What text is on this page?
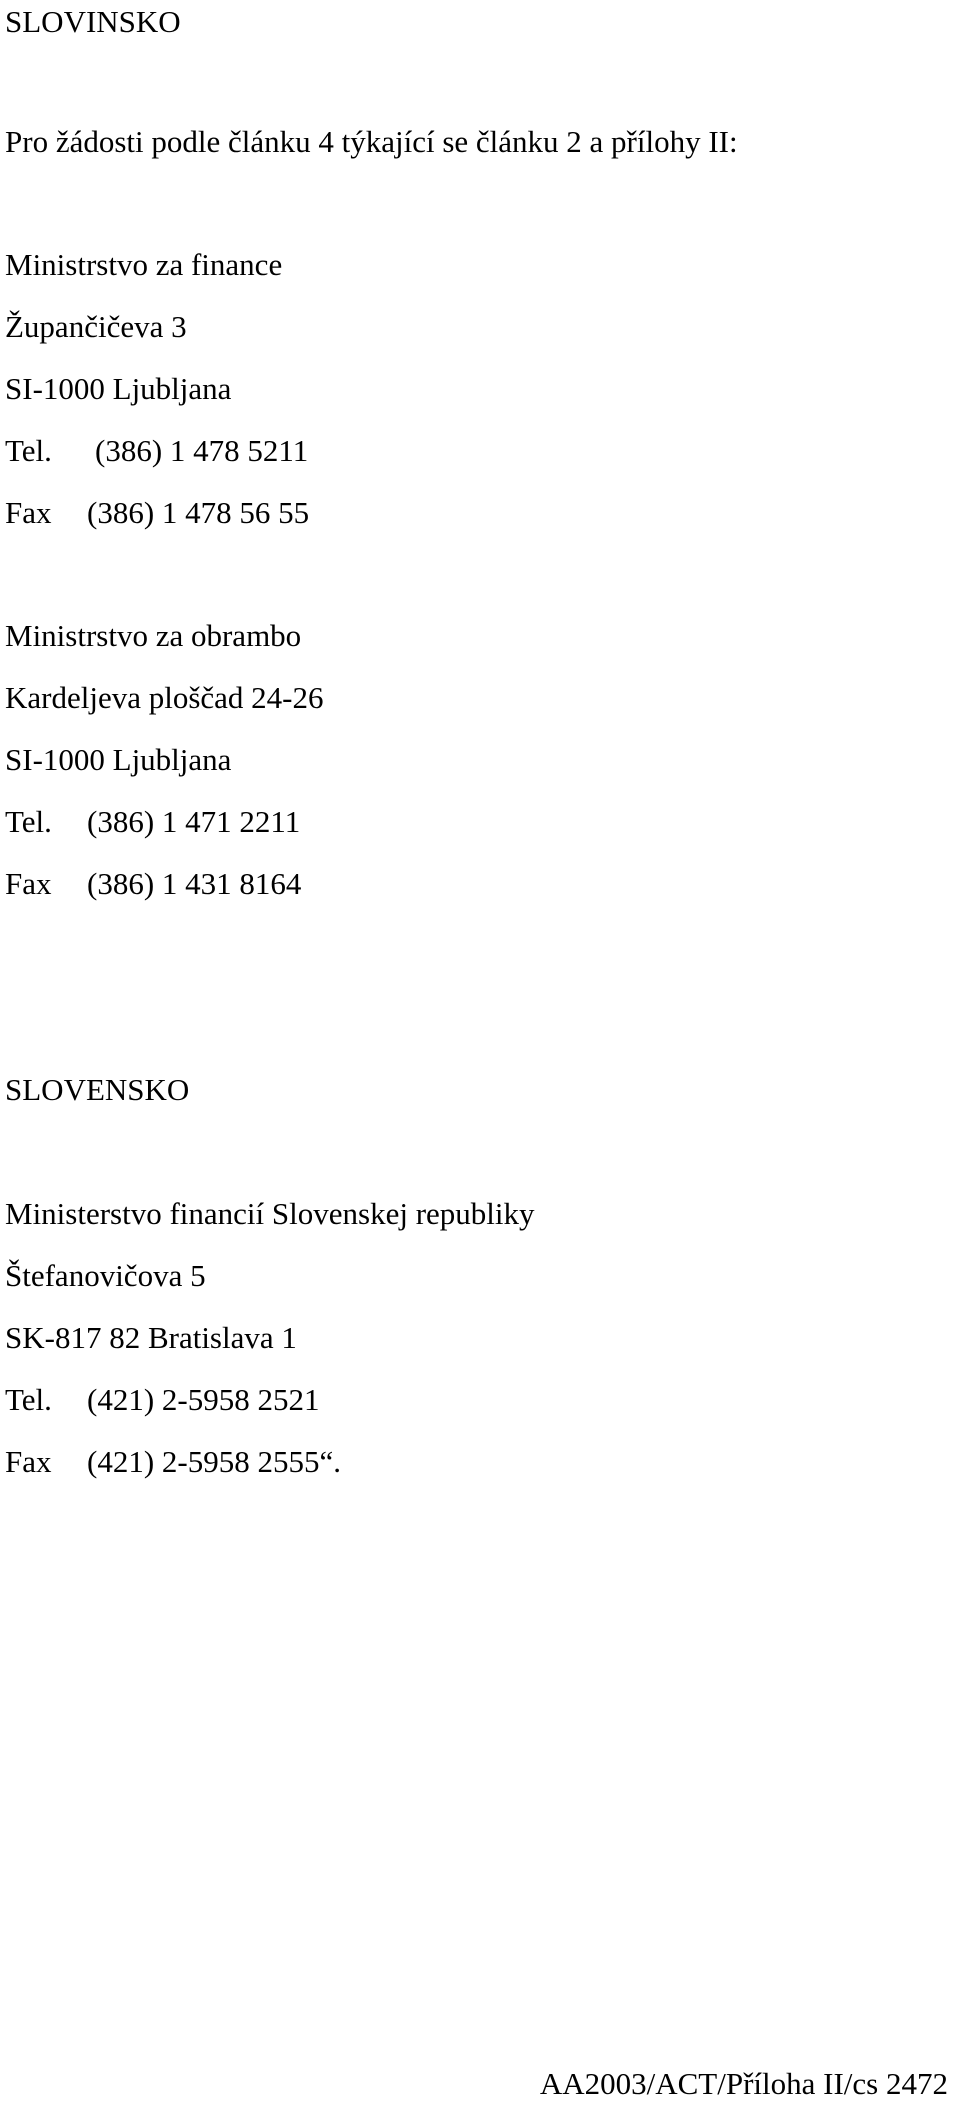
SLOVINSKO

Pro žádosti podle článku 4 týkající se článku 2 a přílohy II:

Ministrstvo za finance

Župančičeva 3

SI-1000 Ljubljana

Tel. (386) 1 478 5211

Fax (386) 1 478 56 55

Ministrstvo za obrambo

Kardeljeva ploščad 24-26

SI-1000 Ljubljana

Tel. (386) 1 471 2211

Fax (386) 1 431 8164

SLOVENSKO

Ministerstvo financií Slovenskej republiky

Štefanovičova 5

SK-817 82 Bratislava 1

Tel. (421) 2-5958 2521

Fax (421) 2-5958 2555“.

AA2003/ACT/Příloha II/cs 2472
